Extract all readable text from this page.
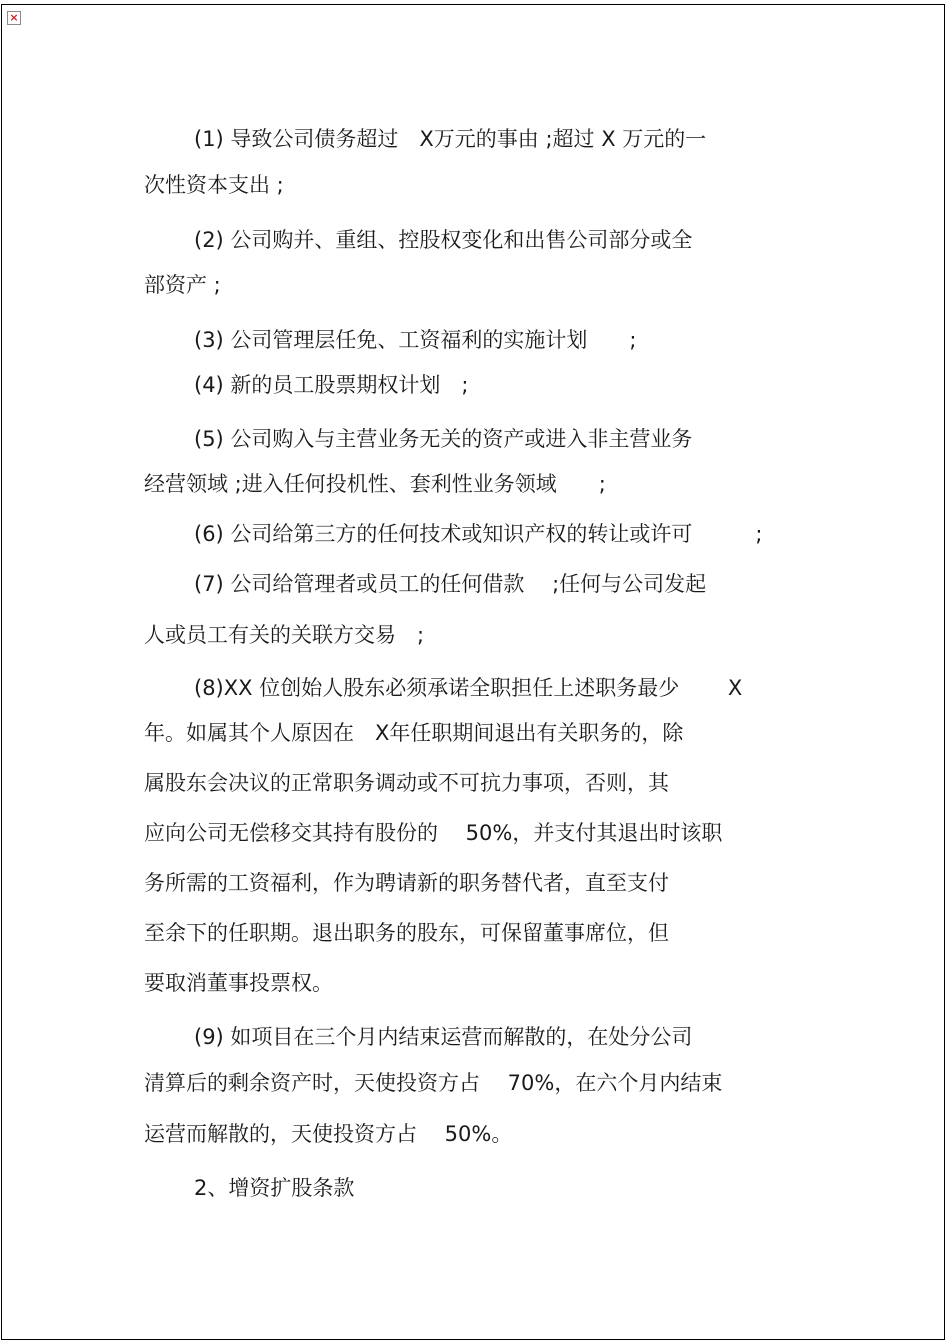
×
(1) 导致公司债务超过　X万元的事由 ;超过 X 万元的一
次性资本支出 ;
(2) 公司购并、重组、控股权变化和出售公司部分或全
部资产 ;
(3) 公司管理层任免、工资福利的实施计划　　;
(4) 新的员工股票期权计划　;
(5) 公司购入与主营业务无关的资产或进入非主营业务
经营领域 ;进入任何投机性、套利性业务领域　　;
(6) 公司给第三方的任何技术或知识产权的转让或许可　　　;
(7) 公司给管理者或员工的任何借款　 ;任何与公司发起
人或员工有关的关联方交易　;
(8)XX 位创始人股东必须承诺全职担任上述职务最少　　 X
年。如属其个人原因在　X年任职期间退出有关职务的，除
属股东会决议的正常职务调动或不可抗力事项，否则，其
应向公司无偿移交其持有股份的　 50%，并支付其退出时该职
务所需的工资福利，作为聘请新的职务替代者，直至支付
至余下的任职期。退出职务的股东，可保留董事席位，但
要取消董事投票权。
(9) 如项目在三个月内结束运营而解散的，在处分公司
清算后的剩余资产时，天使投资方占　 70%，在六个月内结束
运营而解散的，天使投资方占　 50%。
2、增资扩股条款
